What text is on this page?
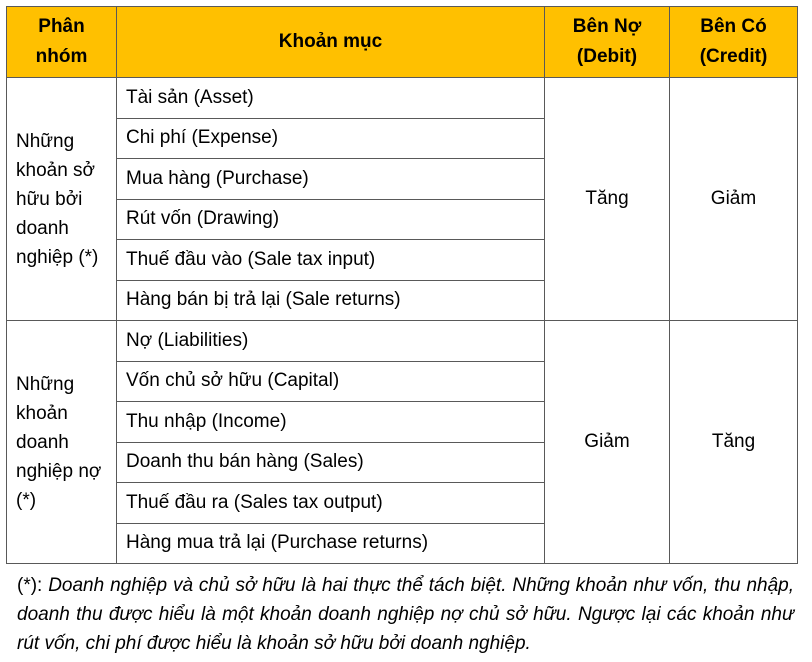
Phân nhóm	Khoản mục	Bên Nợ (Debit)	Bên Có (Credit)
Những khoản sở hữu bởi doanh nghiệp (*)	Tài sản (Asset)	Tăng	Giảm
	Chi phí (Expense)		
	Mua hàng (Purchase)		
	Rút vốn (Drawing)		
	Thuế đầu vào (Sale tax input)		
	Hàng bán bị trả lại (Sale returns)		
Những khoản doanh nghiệp nợ (*)	Nợ (Liabilities)	Giảm	Tăng
	Vốn chủ sở hữu (Capital)		
	Thu nhập (Income)		
	Doanh thu bán hàng (Sales)		
	Thuế đầu ra (Sales tax output)		
	Hàng mua trả lại (Purchase returns)		
(*): Doanh nghiệp và chủ sở hữu là hai thực thể tách biệt. Những khoản như vốn, thu nhập, doanh thu được hiểu là một khoản doanh nghiệp nợ chủ sở hữu. Ngược lại các khoản như rút vốn, chi phí được hiểu là khoản sở hữu bởi doanh nghiệp.
